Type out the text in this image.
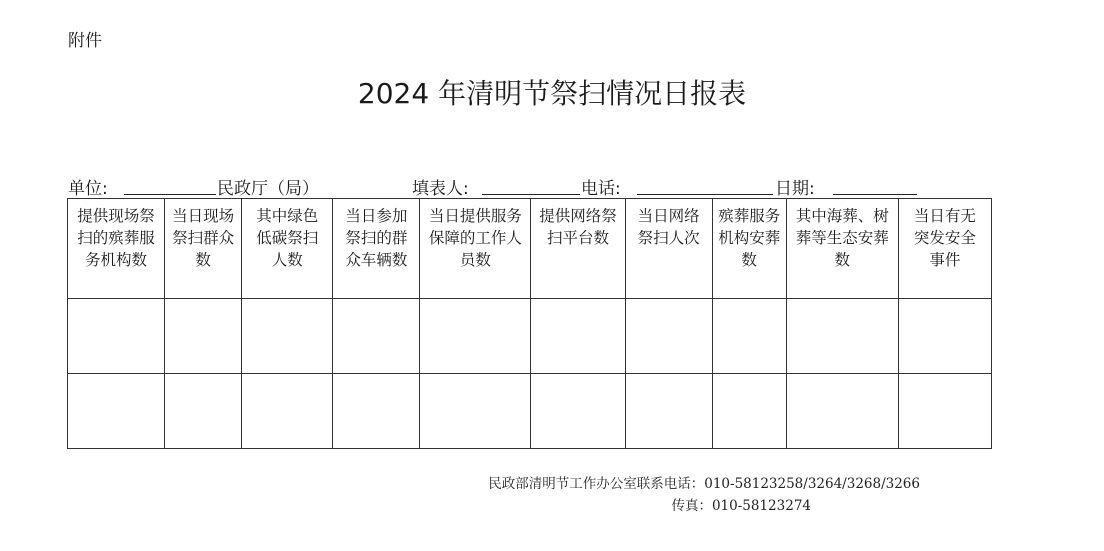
附件
2024 年清明节祭扫情况日报表
单位:	民政厅（局）	填表人:	电话:	日期:
提供现场祭扫的殡葬服务机构数	当日现场祭扫群众数	其中绿色低碳祭扫人数	当日参加祭扫的群众车辆数	当日提供服务保障的工作人员数	提供网络祭扫平台数	当日网络祭扫人次	殡葬服务机构安葬数	其中海葬、树葬等生态安葬数	当日有无突发安全事件

民政部清明节工作办公室联系电话：010-58123258/3264/3268/3266
传真：010-58123274
